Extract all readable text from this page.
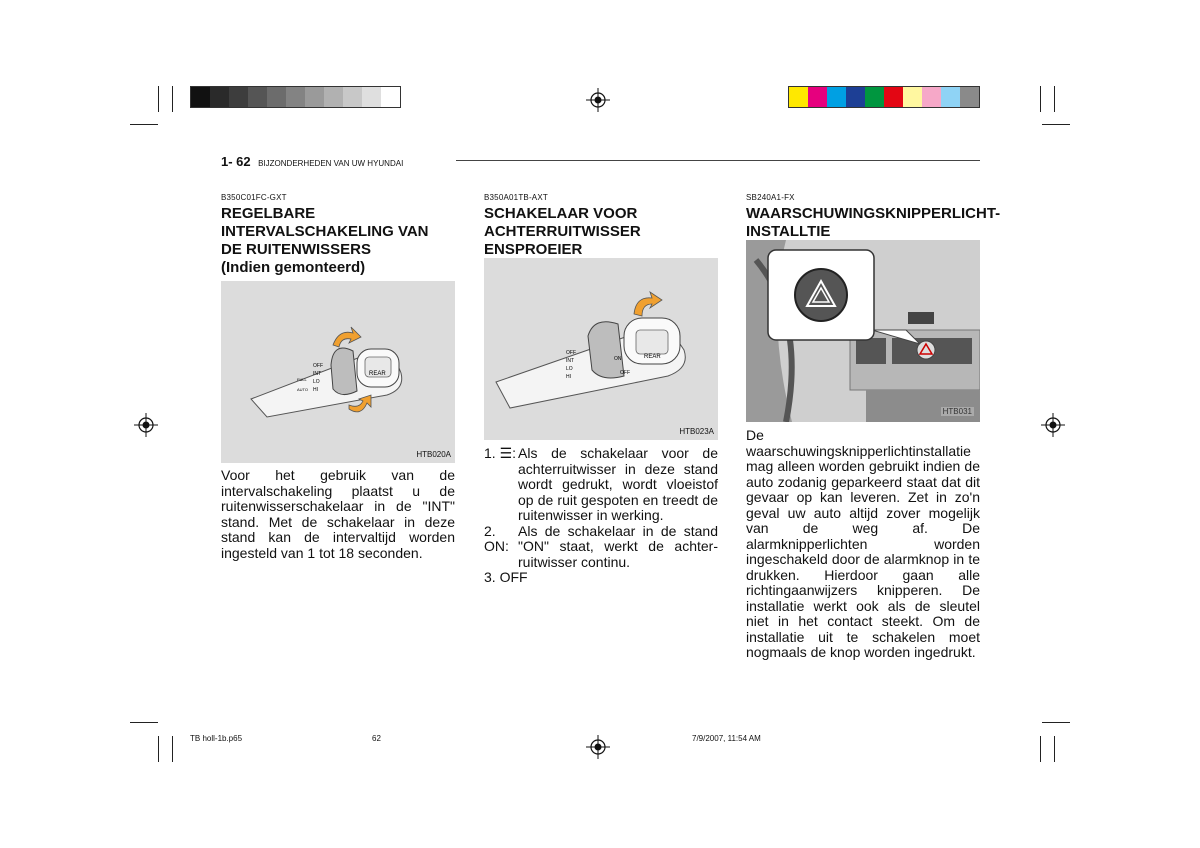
1- 62 BIJZONDERHEDEN VAN UW HYUNDAI
B350C01FC-GXT
REGELBARE
INTERVALSCHAKELING VAN
DE RUITENWISSERS
(Indien gemonteerd)
REAR
OFF
INT
LO
HI
FULL
AUTO
HTB020A
Voor het gebruik van de intervalschakeling plaatst u de ruitenwisserschakelaar in de "INT" stand. Met de schakelaar in deze stand kan de intervaltijd worden ingesteld van 1 tot 18 seconden.
B350A01TB-AXT
SCHAKELAAR VOOR
ACHTERRUITWISSER
ENSPROEIER
REAR
ON
OFF
OFF
INT
LO
HI
HTB023A
1. ☰: Als de schakelaar voor de achterruitwisser in deze stand wordt gedrukt, wordt vloeistof op de ruit gespoten en treedt de ruitenwisser in werking.
2. ON:
Als de schakelaar in de stand "ON" staat, werkt de achter-ruitwisser continu.
3. OFF
SB240A1-FX
WAARSCHUWINGSKNIPPERLICHT-
INSTALLTIE
HTB031
De waarschuwingsknipperlichtinstallatie mag alleen worden gebruikt indien de auto zodanig geparkeerd staat dat dit gevaar op kan leveren. Zet in zo'n geval uw auto altijd zover mogelijk van de weg af. De alarmknipperlichten worden ingeschakeld door de alarmknop in te drukken. Hierdoor gaan alle richtingaanwijzers knipperen. De installatie werkt ook als de sleutel niet in het contact steekt. Om de installatie uit te schakelen moet nogmaals de knop worden ingedrukt.
TB holl-1b.p65	62	7/9/2007, 11:54 AM
